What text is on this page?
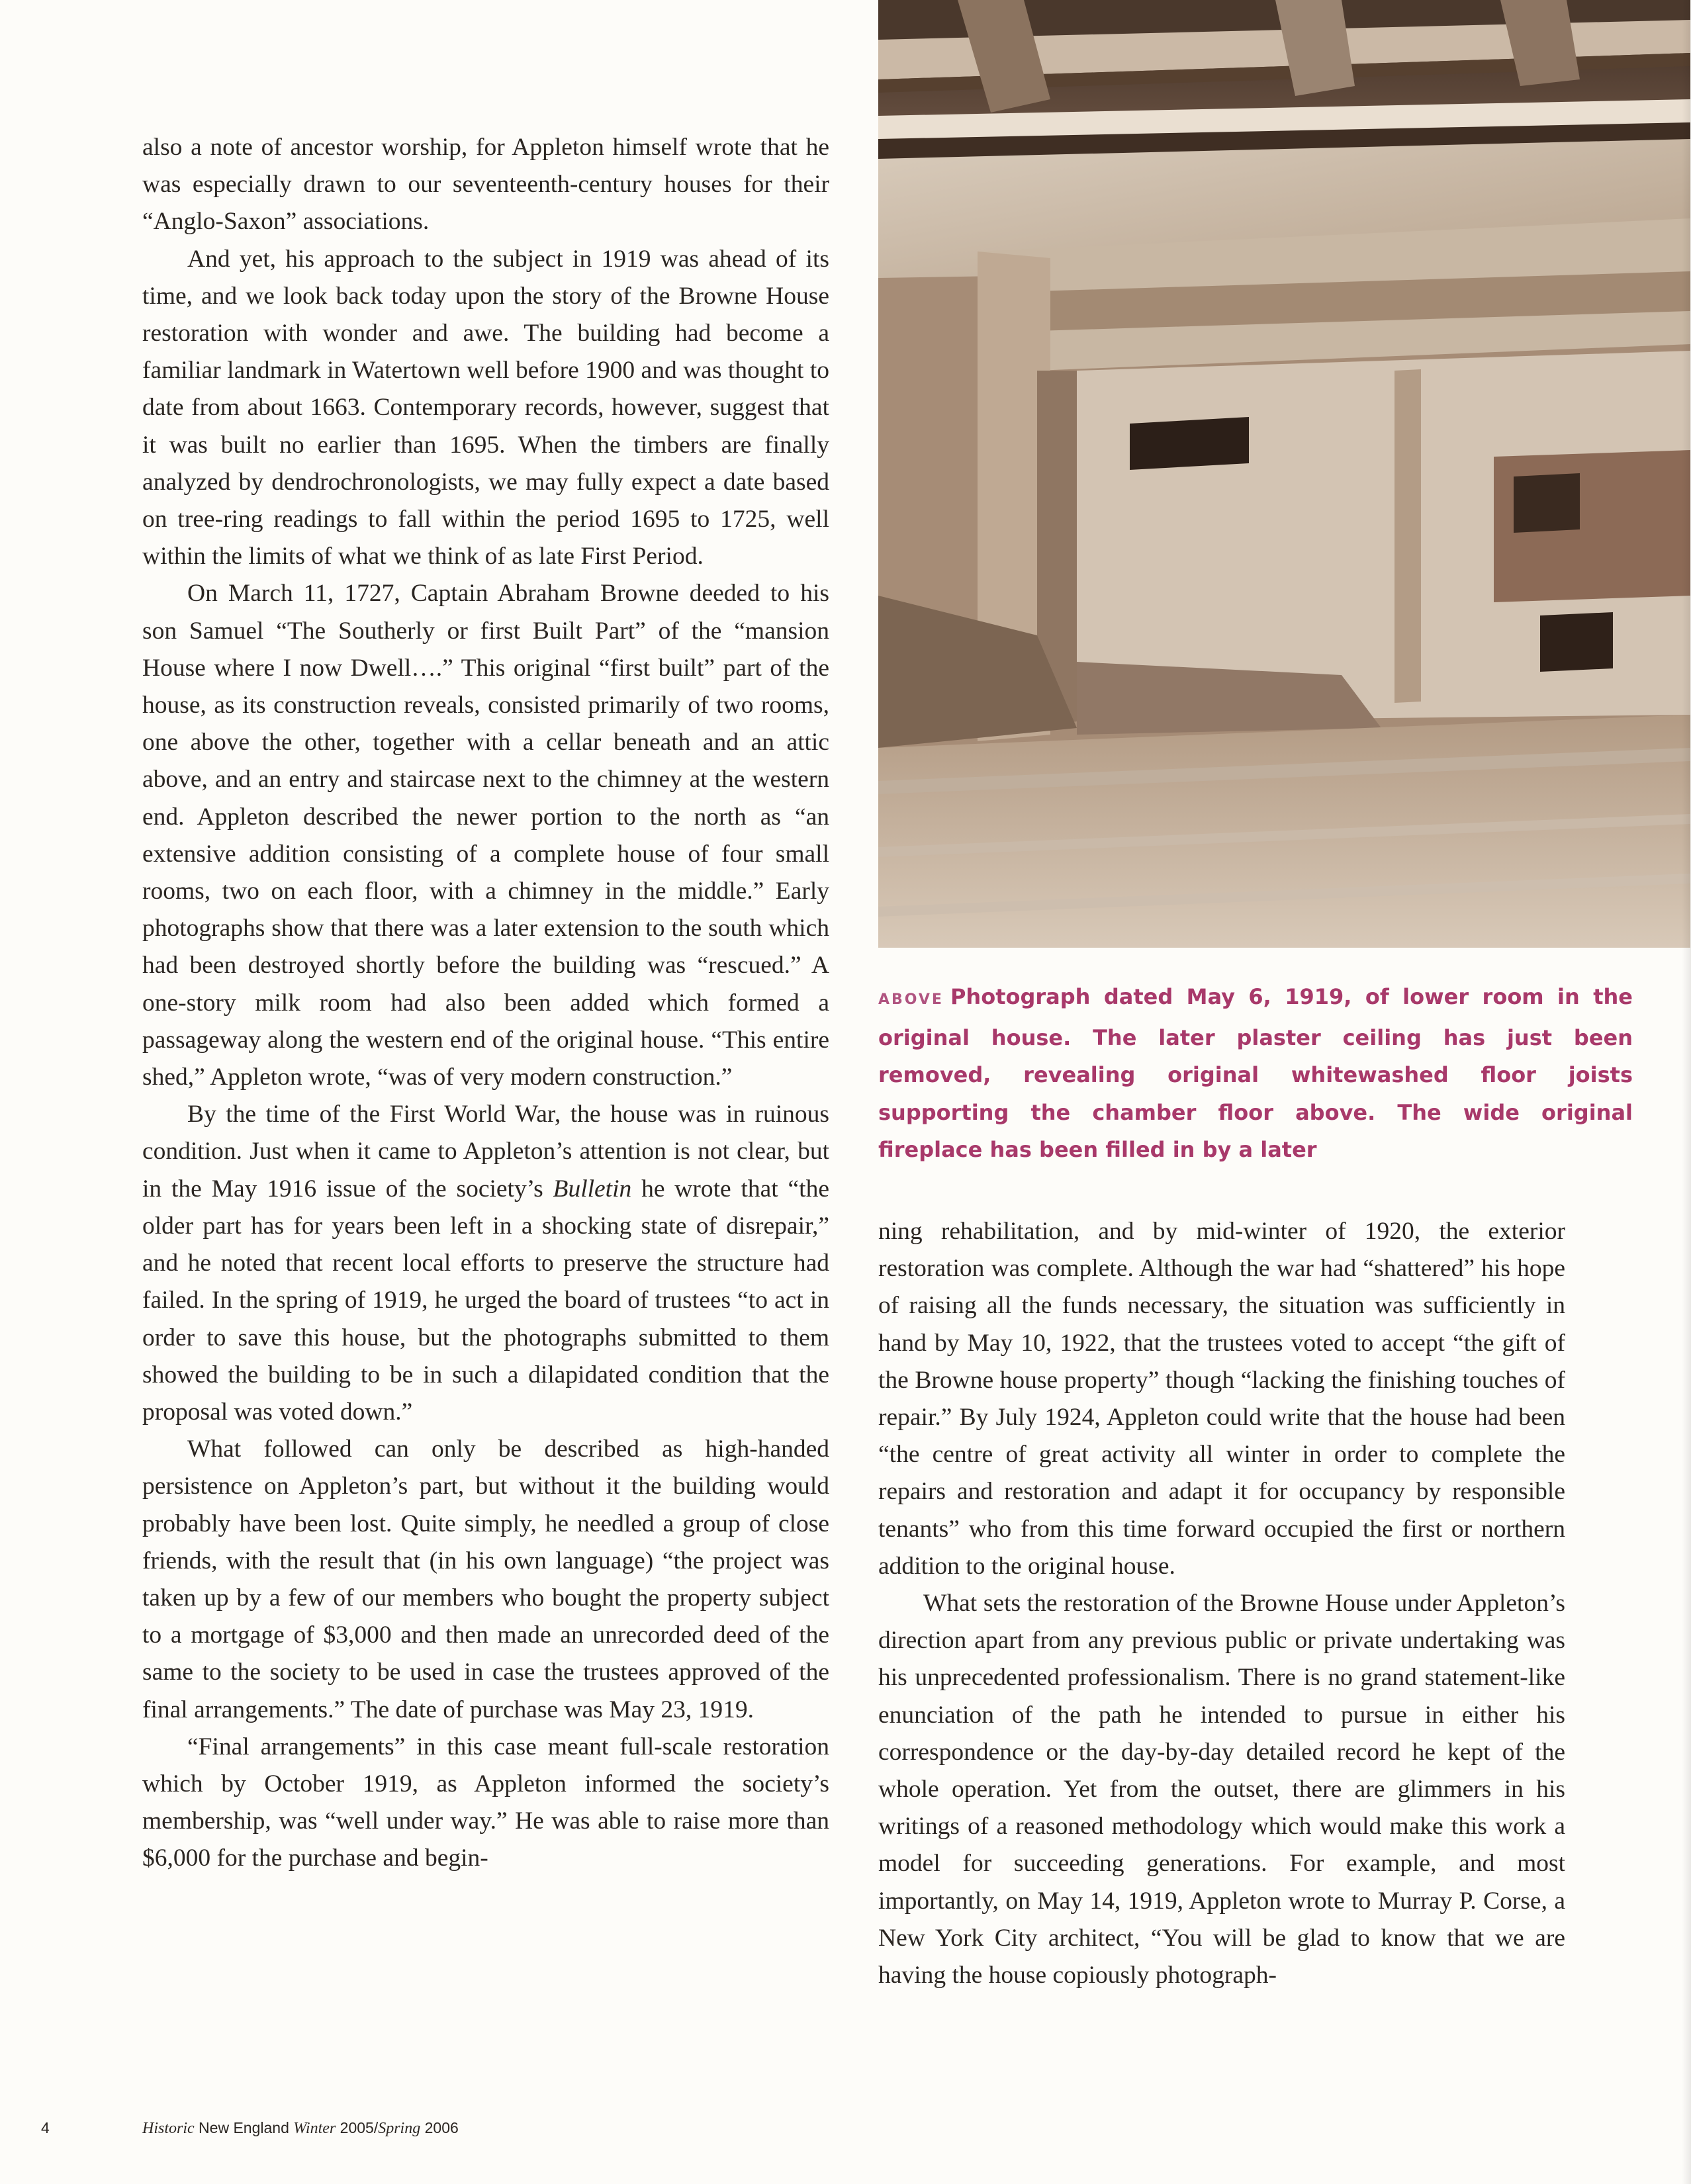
ABOVE Photograph dated May 6, 1919, of lower room in the original house. The later plaster ceiling has just been removed, revealing original whitewashed floor joists supporting the chamber floor above. The wide original fireplace has been filled in by a later

also a note of ancestor worship, for Appleton himself wrote that he was especially drawn to our seventeenth-century houses for their “Anglo-Saxon” associations.

And yet, his approach to the subject in 1919 was ahead of its time, and we look back today upon the story of the Browne House restoration with wonder and awe. The building had become a familiar landmark in Watertown well before 1900 and was thought to date from about 1663. Contemporary records, however, suggest that it was built no earlier than 1695. When the timbers are finally analyzed by dendrochronologists, we may fully expect a date based on tree-ring readings to fall within the period 1695 to 1725, well within the limits of what we think of as late First Period.

On March 11, 1727, Captain Abraham Browne deeded to his son Samuel “The Southerly or first Built Part” of the “mansion House where I now Dwell….” This original “first built” part of the house, as its construction reveals, consisted primarily of two rooms, one above the other, together with a cellar beneath and an attic above, and an entry and staircase next to the chimney at the western end. Appleton described the newer portion to the north as “an extensive addition consisting of a complete house of four small rooms, two on each floor, with a chimney in the middle.” Early photographs show that there was a later extension to the south which had been destroyed shortly before the building was “rescued.” A one-story milk room had also been added which formed a passageway along the western end of the original house. “This entire shed,” Appleton wrote, “was of very modern construction.”

By the time of the First World War, the house was in ruinous condition. Just when it came to Appleton’s attention is not clear, but in the May 1916 issue of the society’s Bulletin he wrote that “the older part has for years been left in a shocking state of disrepair,” and he noted that recent local efforts to preserve the structure had failed. In the spring of 1919, he urged the board of trustees “to act in order to save this house, but the photographs submitted to them showed the building to be in such a dilapidated condition that the proposal was voted down.”

What followed can only be described as high-handed persistence on Appleton’s part, but without it the building would probably have been lost. Quite simply, he needled a group of close friends, with the result that (in his own language) “the project was taken up by a few of our members who bought the property subject to a mortgage of $3,000 and then made an unrecorded deed of the same to the society to be used in case the trustees approved of the final arrangements.” The date of purchase was May 23, 1919.

“Final arrangements” in this case meant full-scale restoration which by October 1919, as Appleton informed the society’s membership, was “well under way.” He was able to raise more than $6,000 for the purchase and begin-

ning rehabilitation, and by mid-winter of 1920, the exterior restoration was complete. Although the war had “shattered” his hope of raising all the funds necessary, the situation was sufficiently in hand by May 10, 1922, that the trustees voted to accept “the gift of the Browne house property” though “lacking the finishing touches of repair.” By July 1924, Appleton could write that the house had been “the centre of great activity all winter in order to complete the repairs and restoration and adapt it for occupancy by responsible tenants” who from this time forward occupied the first or northern addition to the original house.

What sets the restoration of the Browne House under Appleton’s direction apart from any previous public or private undertaking was his unprecedented professionalism. There is no grand statement-like enunciation of the path he intended to pursue in either his correspondence or the day-by-day detailed record he kept of the whole operation. Yet from the outset, there are glimmers in his writings of a reasoned methodology which would make this work a model for succeeding generations. For example, and most importantly, on May 14, 1919, Appleton wrote to Murray P. Corse, a New York City architect, “You will be glad to know that we are having the house copiously photograph-

4	Historic New England Winter 2005/Spring 2006
